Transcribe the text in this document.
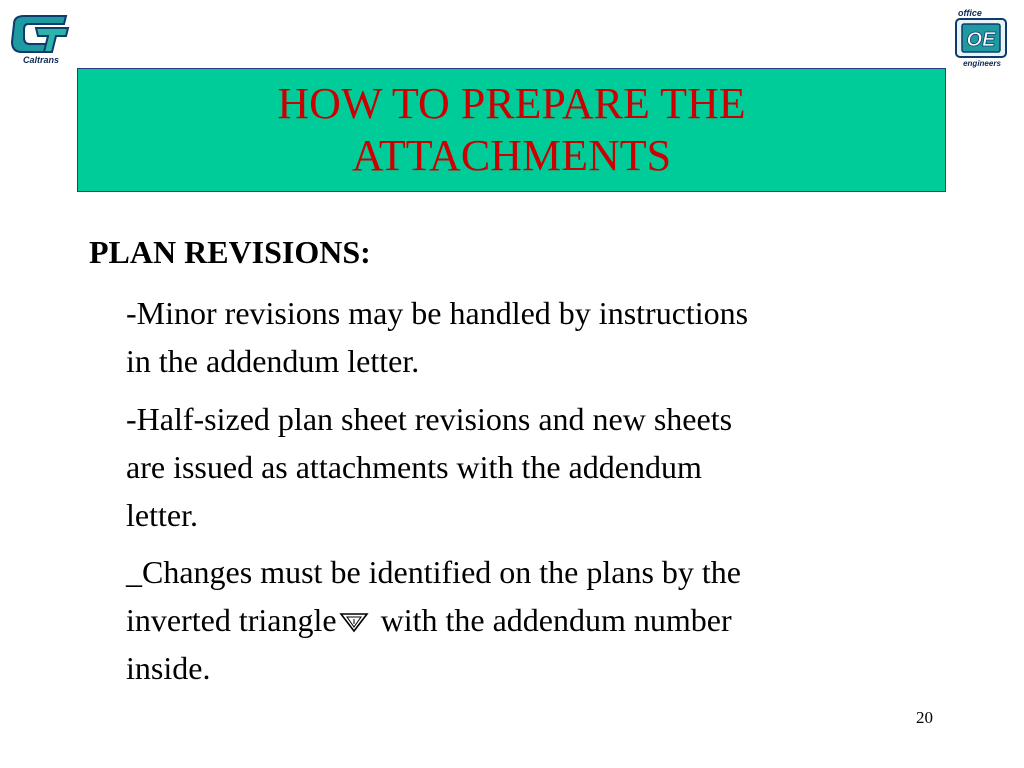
Caltrans
office
OE
engineers
HOW TO PREPARE THE
ATTACHMENTS
PLAN REVISIONS:
-Minor revisions may be handled by instructions
in the addendum letter.
-Half-sized plan sheet revisions and new sheets
are issued as attachments with the addendum
letter.
_Changes must be identified on the plans by the
inverted triangle with the addendum number
inside.
20
